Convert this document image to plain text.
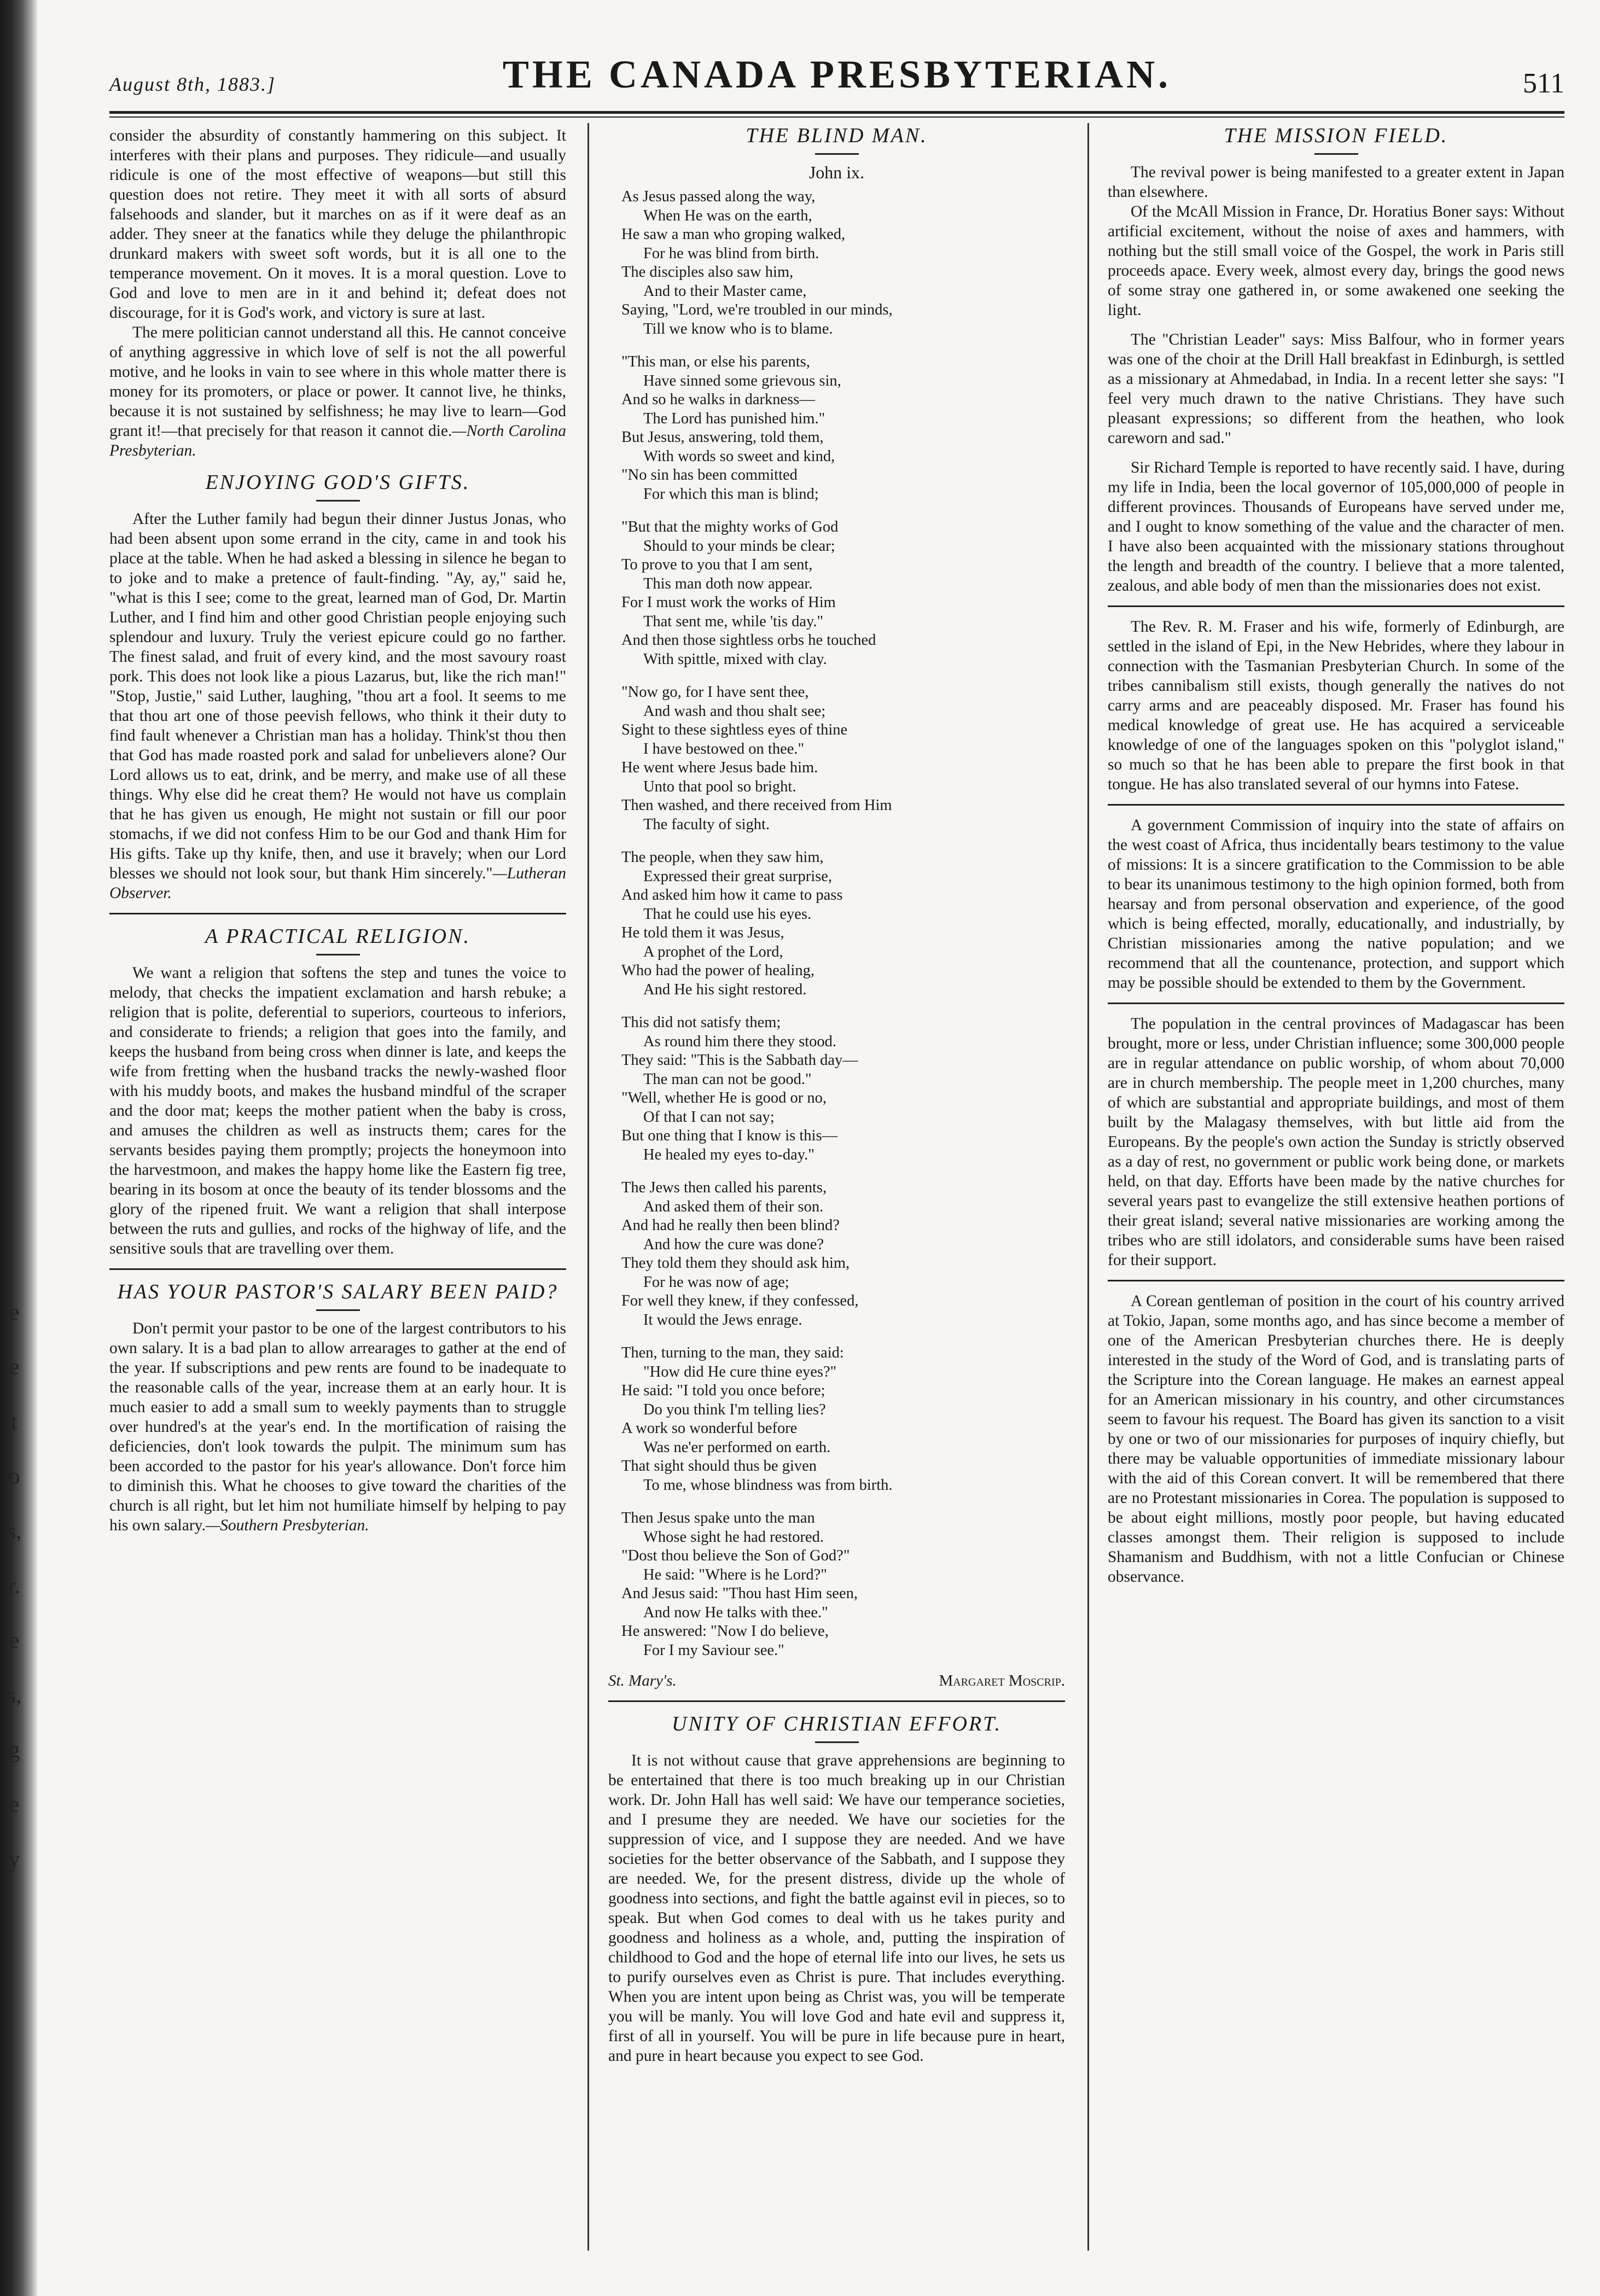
e
e
t
o
s,
r.
e
s,
g
e
y
August 8th, 1883.]	THE CANADA PRESBYTERIAN.	511

consider the absurdity of constantly hammering on this subject. It interferes with their plans and purposes. They ridicule—and usually ridicule is one of the most effective of weapons—but still this question does not retire. They meet it with all sorts of absurd falsehoods and slander, but it marches on as if it were deaf as an adder. They sneer at the fanatics while they deluge the philanthropic drunkard makers with sweet soft words, but it is all one to the temperance movement. On it moves. It is a moral question. Love to God and love to men are in it and behind it; defeat does not discourage, for it is God's work, and victory is sure at last.

The mere politician cannot understand all this. He cannot conceive of anything aggressive in which love of self is not the all powerful motive, and he looks in vain to see where in this whole matter there is money for its promoters, or place or power. It cannot live, he thinks, because it is not sustained by selfishness; he may live to learn—God grant it!—that precisely for that reason it cannot die.—North Carolina Presbyterian.

ENJOYING GOD'S GIFTS.

After the Luther family had begun their dinner Justus Jonas, who had been absent upon some errand in the city, came in and took his place at the table. When he had asked a blessing in silence he began to to joke and to make a pretence of fault-finding. "Ay, ay," said he, "what is this I see; come to the great, learned man of God, Dr. Martin Luther, and I find him and other good Christian people enjoying such splendour and luxury. Truly the veriest epicure could go no farther. The finest salad, and fruit of every kind, and the most savoury roast pork. This does not look like a pious Lazarus, but, like the rich man!" "Stop, Justie," said Luther, laughing, "thou art a fool. It seems to me that thou art one of those peevish fellows, who think it their duty to find fault whenever a Christian man has a holiday. Think'st thou then that God has made roasted pork and salad for unbelievers alone? Our Lord allows us to eat, drink, and be merry, and make use of all these things. Why else did he creat them? He would not have us complain that he has given us enough, He might not sustain or fill our poor stomachs, if we did not confess Him to be our God and thank Him for His gifts. Take up thy knife, then, and use it bravely; when our Lord blesses we should not look sour, but thank Him sincerely."—Lutheran Observer.

A PRACTICAL RELIGION.

We want a religion that softens the step and tunes the voice to melody, that checks the impatient exclamation and harsh rebuke; a religion that is polite, deferential to superiors, courteous to inferiors, and considerate to friends; a religion that goes into the family, and keeps the husband from being cross when dinner is late, and keeps the wife from fretting when the husband tracks the newly-washed floor with his muddy boots, and makes the husband mindful of the scraper and the door mat; keeps the mother patient when the baby is cross, and amuses the children as well as instructs them; cares for the servants besides paying them promptly; projects the honeymoon into the harvestmoon, and makes the happy home like the Eastern fig tree, bearing in its bosom at once the beauty of its tender blossoms and the glory of the ripened fruit. We want a religion that shall interpose between the ruts and gullies, and rocks of the highway of life, and the sensitive souls that are travelling over them.

HAS YOUR PASTOR'S SALARY BEEN PAID?

Don't permit your pastor to be one of the largest contributors to his own salary. It is a bad plan to allow arrearages to gather at the end of the year. If subscriptions and pew rents are found to be inadequate to the reasonable calls of the year, increase them at an early hour. It is much easier to add a small sum to weekly payments than to struggle over hundred's at the year's end. In the mortification of raising the deficiencies, don't look towards the pulpit. The minimum sum has been accorded to the pastor for his year's allowance. Don't force him to diminish this. What he chooses to give toward the charities of the church is all right, but let him not humiliate himself by helping to pay his own salary.—Southern Presbyterian.

THE BLIND MAN.
John ix.
As Jesus passed along the way,
When He was on the earth,
He saw a man who groping walked,
For he was blind from birth.
The disciples also saw him,
And to their Master came,
Saying, "Lord, we're troubled in our minds,
Till we know who is to blame.
"This man, or else his parents,
Have sinned some grievous sin,
And so he walks in darkness—
The Lord has punished him."
But Jesus, answering, told them,
With words so sweet and kind,
"No sin has been committed
For which this man is blind;
"But that the mighty works of God
Should to your minds be clear;
To prove to you that I am sent,
This man doth now appear.
For I must work the works of Him
That sent me, while 'tis day."
And then those sightless orbs he touched
With spittle, mixed with clay.
"Now go, for I have sent thee,
And wash and thou shalt see;
Sight to these sightless eyes of thine
I have bestowed on thee."
He went where Jesus bade him.
Unto that pool so bright.
Then washed, and there received from Him
The faculty of sight.
The people, when they saw him,
Expressed their great surprise,
And asked him how it came to pass
That he could use his eyes.
He told them it was Jesus,
A prophet of the Lord,
Who had the power of healing,
And He his sight restored.
This did not satisfy them;
As round him there they stood.
They said: "This is the Sabbath day—
The man can not be good."
"Well, whether He is good or no,
Of that I can not say;
But one thing that I know is this—
He healed my eyes to-day."
The Jews then called his parents,
And asked them of their son.
And had he really then been blind?
And how the cure was done?
They told them they should ask him,
For he was now of age;
For well they knew, if they confessed,
It would the Jews enrage.
Then, turning to the man, they said:
"How did He cure thine eyes?"
He said: "I told you once before;
Do you think I'm telling lies?
A work so wonderful before
Was ne'er performed on earth.
That sight should thus be given
To me, whose blindness was from birth.
Then Jesus spake unto the man
Whose sight he had restored.
"Dost thou believe the Son of God?"
He said: "Where is he Lord?"
And Jesus said: "Thou hast Him seen,
And now He talks with thee."
He answered: "Now I do believe,
For I my Saviour see."
St. Mary's.	Margaret Moscrip.
UNITY OF CHRISTIAN EFFORT.

It is not without cause that grave apprehensions are beginning to be entertained that there is too much breaking up in our Christian work. Dr. John Hall has well said: We have our temperance societies, and I presume they are needed. We have our societies for the suppression of vice, and I suppose they are needed. And we have societies for the better observance of the Sabbath, and I suppose they are needed. We, for the present distress, divide up the whole of goodness into sections, and fight the battle against evil in pieces, so to speak. But when God comes to deal with us he takes purity and goodness and holiness as a whole, and, putting the inspiration of childhood to God and the hope of eternal life into our lives, he sets us to purify ourselves even as Christ is pure. That includes everything. When you are intent upon being as Christ was, you will be temperate you will be manly. You will love God and hate evil and suppress it, first of all in yourself. You will be pure in life because pure in heart, and pure in heart because you expect to see God.

THE MISSION FIELD.

The revival power is being manifested to a greater extent in Japan than elsewhere.

Of the McAll Mission in France, Dr. Horatius Boner says: Without artificial excitement, without the noise of axes and hammers, with nothing but the still small voice of the Gospel, the work in Paris still proceeds apace. Every week, almost every day, brings the good news of some stray one gathered in, or some awakened one seeking the light.

The "Christian Leader" says: Miss Balfour, who in former years was one of the choir at the Drill Hall breakfast in Edinburgh, is settled as a missionary at Ahmedabad, in India. In a recent letter she says: "I feel very much drawn to the native Christians. They have such pleasant expressions; so different from the heathen, who look careworn and sad."

Sir Richard Temple is reported to have recently said. I have, during my life in India, been the local governor of 105,000,000 of people in different provinces. Thousands of Europeans have served under me, and I ought to know something of the value and the character of men. I have also been acquainted with the missionary stations throughout the length and breadth of the country. I believe that a more talented, zealous, and able body of men than the missionaries does not exist.

The Rev. R. M. Fraser and his wife, formerly of Edinburgh, are settled in the island of Epi, in the New Hebrides, where they labour in connection with the Tasmanian Presbyterian Church. In some of the tribes cannibalism still exists, though generally the natives do not carry arms and are peaceably disposed. Mr. Fraser has found his medical knowledge of great use. He has acquired a serviceable knowledge of one of the languages spoken on this "polyglot island," so much so that he has been able to prepare the first book in that tongue. He has also translated several of our hymns into Fatese.

A government Commission of inquiry into the state of affairs on the west coast of Africa, thus incidentally bears testimony to the value of missions: It is a sincere gratification to the Commission to be able to bear its unanimous testimony to the high opinion formed, both from hearsay and from personal observation and experience, of the good which is being effected, morally, educationally, and industrially, by Christian missionaries among the native population; and we recommend that all the countenance, protection, and support which may be possible should be extended to them by the Government.

The population in the central provinces of Madagascar has been brought, more or less, under Christian influence; some 300,000 people are in regular attendance on public worship, of whom about 70,000 are in church membership. The people meet in 1,200 churches, many of which are substantial and appropriate buildings, and most of them built by the Malagasy themselves, with but little aid from the Europeans. By the people's own action the Sunday is strictly observed as a day of rest, no government or public work being done, or markets held, on that day. Efforts have been made by the native churches for several years past to evangelize the still extensive heathen portions of their great island; several native missionaries are working among the tribes who are still idolators, and considerable sums have been raised for their support.

A Corean gentleman of position in the court of his country arrived at Tokio, Japan, some months ago, and has since become a member of one of the American Presbyterian churches there. He is deeply interested in the study of the Word of God, and is translating parts of the Scripture into the Corean language. He makes an earnest appeal for an American missionary in his country, and other circumstances seem to favour his request. The Board has given its sanction to a visit by one or two of our missionaries for purposes of inquiry chiefly, but there may be valuable opportunities of immediate missionary labour with the aid of this Corean convert. It will be remembered that there are no Protestant missionaries in Corea. The population is supposed to be about eight millions, mostly poor people, but having educated classes amongst them. Their religion is supposed to include Shamanism and Buddhism, with not a little Confucian or Chinese observance.
